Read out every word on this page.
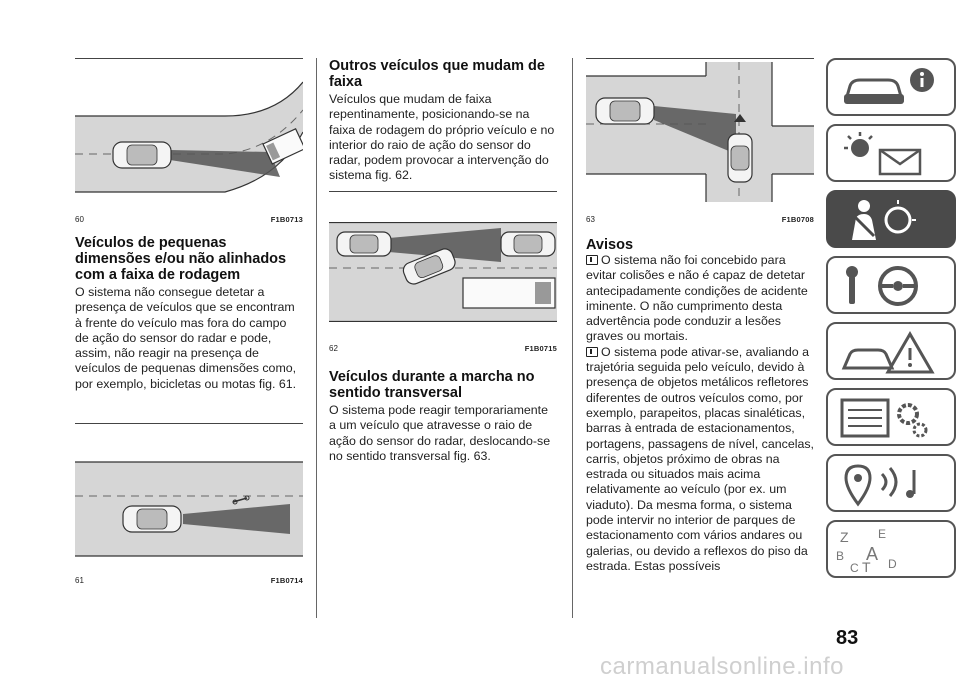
60	F1B0713
Veículos de pequenas dimensões e/ou não alinhados com a faixa de rodagem

O sistema não consegue detetar a presença de veículos que se encontram à frente do veículo mas fora do campo de ação do sensor do radar e pode, assim, não reagir na presença de veículos de pequenas dimensões como, por exemplo, bicicletas ou motas fig. 61.

61	F1B0714
Outros veículos que mudam de faixa

Veículos que mudam de faixa repentinamente, posicionando-se na faixa de rodagem do próprio veículo e no interior do raio de ação do sensor do radar, podem provocar a intervenção do sistema fig. 62.

62	F1B0715
Veículos durante a marcha no sentido transversal

O sistema pode reagir temporariamente a um veículo que atravesse o raio de ação do sensor do radar, deslocando-se no sentido transversal fig. 63.

63	F1B0708
Avisos
O sistema não foi concebido para evitar colisões e não é capaz de detetar antecipadamente condições de acidente iminente. O não cumprimento desta advertência pode conduzir a lesões graves ou mortais.
O sistema pode ativar-se, avaliando a trajetória seguida pelo veículo, devido à presença de objetos metálicos refletores diferentes de outros veículos como, por exemplo, parapeitos, placas sinaléticas, barras à entrada de estacionamentos, portagens, passagens de nível, cancelas, carris, objetos próximo de obras na estrada ou situados mais acima relativamente ao veículo (por ex. um viaduto). Da mesma forma, o sistema pode intervir no interior de parques de estacionamento com vários andares ou galerias, ou devido a reflexos do piso da estrada. Estas possíveis
Z E
B A
C T D
83
carmanualsonline.info
